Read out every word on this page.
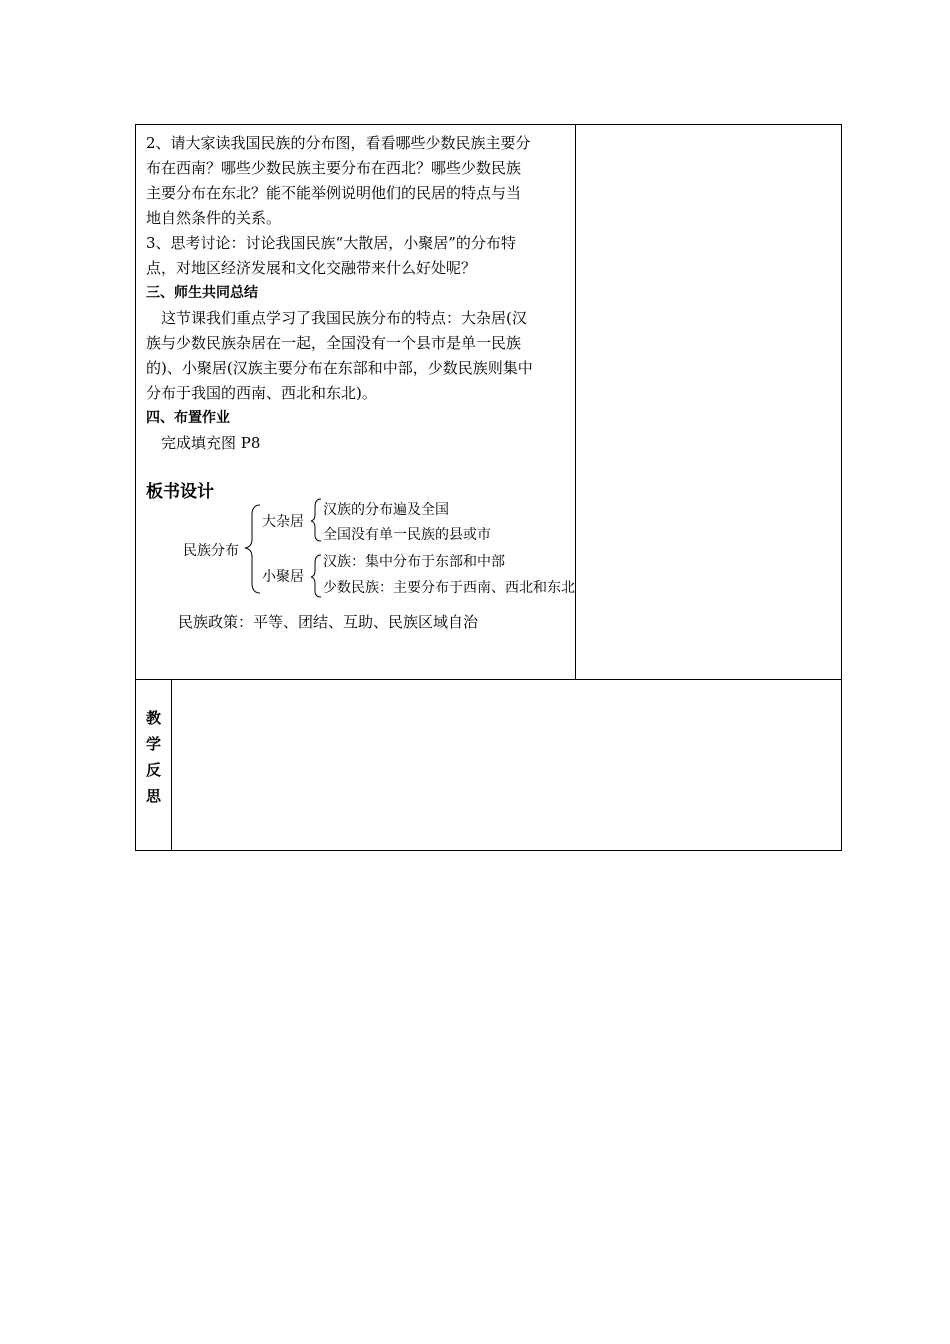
2、请大家读我国民族的分布图，看看哪些少数民族主要分

布在西南？哪些少数民族主要分布在西北？哪些少数民族

主要分布在东北？能不能举例说明他们的民居的特点与当

地自然条件的关系。

3、思考讨论：讨论我国民族“大散居，小聚居”的分布特

点，对地区经济发展和文化交融带来什么好处呢？

三、师生共同总结

这节课我们重点学习了我国民族分布的特点：大杂居(汉

族与少数民族杂居在一起，全国没有一个县市是单一民族

的)、小聚居(汉族主要分布在东部和中部，少数民族则集中

分布于我国的西南、西北和东北)。

四、布置作业

完成填充图 P8

板书设计
民族分布
大杂居
汉族的分布遍及全国
全国没有单一民族的县或市
小聚居
汉族：集中分布于东部和中部
少数民族：主要分布于西南、西北和东北
民族政策：平等、团结、互助、民族区域自治
教
学
反
思
